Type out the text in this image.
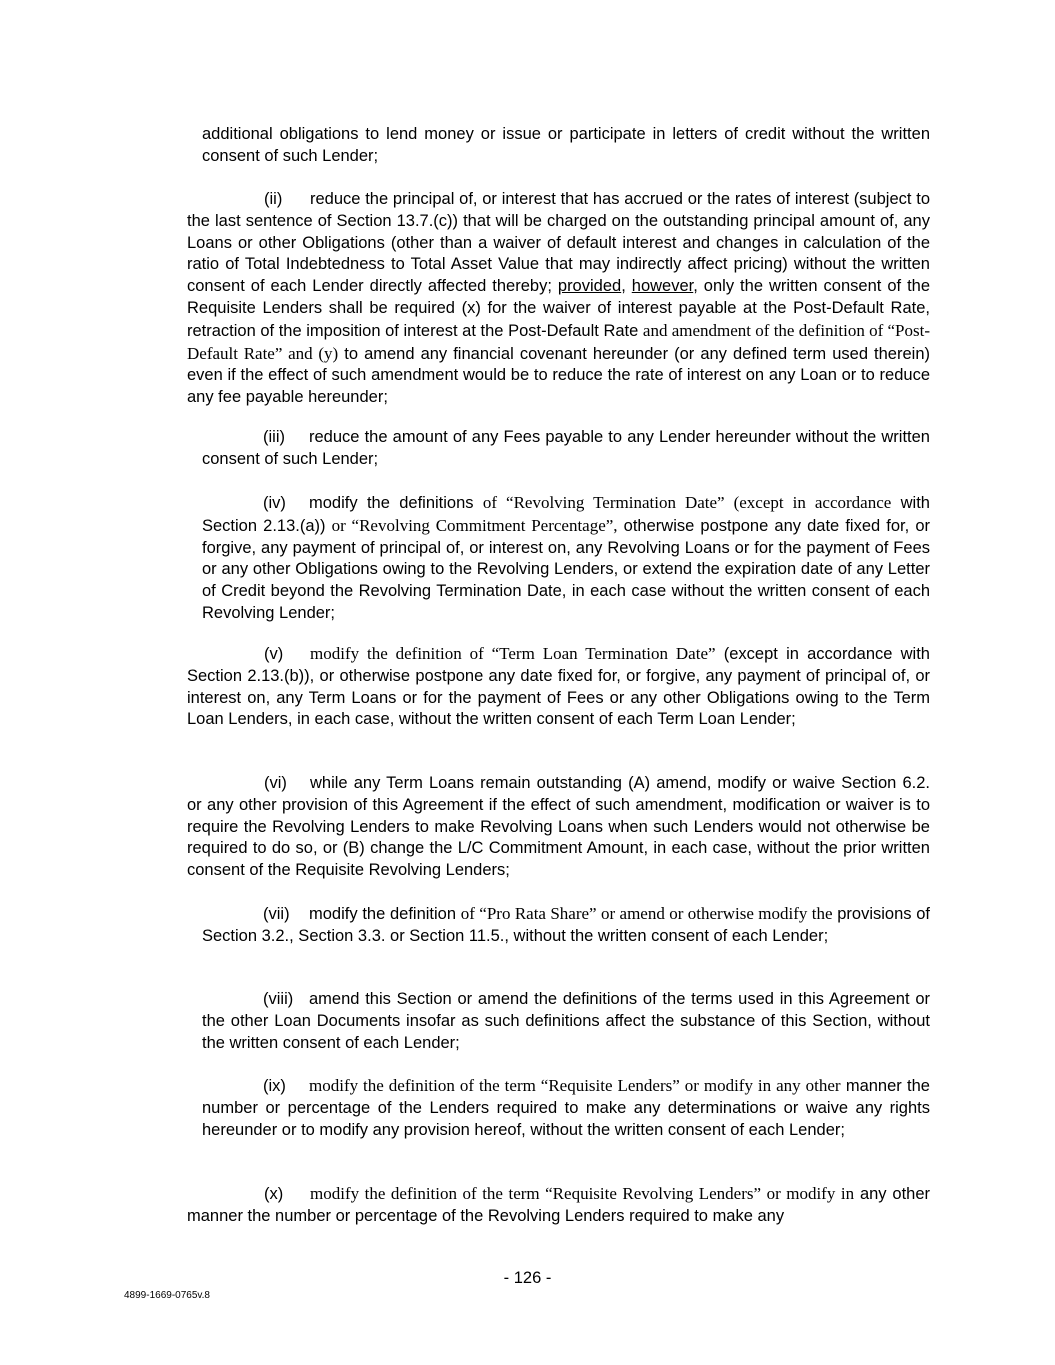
additional obligations to lend money or issue or participate in letters of credit without the written consent of such Lender;

(ii) reduce the principal of, or interest that has accrued or the rates of interest (subject to the last sentence of Section 13.7.(c)) that will be charged on the outstanding principal amount of, any Loans or other Obligations (other than a waiver of default interest and changes in calculation of the ratio of Total Indebtedness to Total Asset Value that may indirectly affect pricing) without the written consent of each Lender directly affected thereby; provided, however, only the written consent of the Requisite Lenders shall be required (x) for the waiver of interest payable at the Post-Default Rate, retraction of the imposition of interest at the Post-Default Rate and amendment of the definition of “Post-Default Rate” and (y) to amend any financial covenant hereunder (or any defined term used therein) even if the effect of such amendment would be to reduce the rate of interest on any Loan or to reduce any fee payable hereunder;

(iii) reduce the amount of any Fees payable to any Lender hereunder without the written consent of such Lender;

(iv) modify the definitions of “Revolving Termination Date” (except in accordance with Section 2.13.(a)) or “Revolving Commitment Percentage”, otherwise postpone any date fixed for, or forgive, any payment of principal of, or interest on, any Revolving Loans or for the payment of Fees or any other Obligations owing to the Revolving Lenders, or extend the expiration date of any Letter of Credit beyond the Revolving Termination Date, in each case without the written consent of each Revolving Lender;

(v) modify the definition of “Term Loan Termination Date” (except in accordance with Section 2.13.(b)), or otherwise postpone any date fixed for, or forgive, any payment of principal of, or interest on, any Term Loans or for the payment of Fees or any other Obligations owing to the Term Loan Lenders, in each case, without the written consent of each Term Loan Lender;

(vi) while any Term Loans remain outstanding (A) amend, modify or waive Section 6.2. or any other provision of this Agreement if the effect of such amendment, modification or waiver is to require the Revolving Lenders to make Revolving Loans when such Lenders would not otherwise be required to do so, or (B) change the L/C Commitment Amount, in each case, without the prior written consent of the Requisite Revolving Lenders;

(vii) modify the definition of “Pro Rata Share” or amend or otherwise modify the provisions of Section 3.2., Section 3.3. or Section 11.5., without the written consent of each Lender;

(viii) amend this Section or amend the definitions of the terms used in this Agreement or the other Loan Documents insofar as such definitions affect the substance of this Section, without the written consent of each Lender;

(ix) modify the definition of the term “Requisite Lenders” or modify in any other manner the number or percentage of the Lenders required to make any determinations or waive any rights hereunder or to modify any provision hereof, without the written consent of each Lender;

(x) modify the definition of the term “Requisite Revolving Lenders” or modify in any other manner the number or percentage of the Revolving Lenders required to make any

- 126 -
4899-1669-0765v.8
